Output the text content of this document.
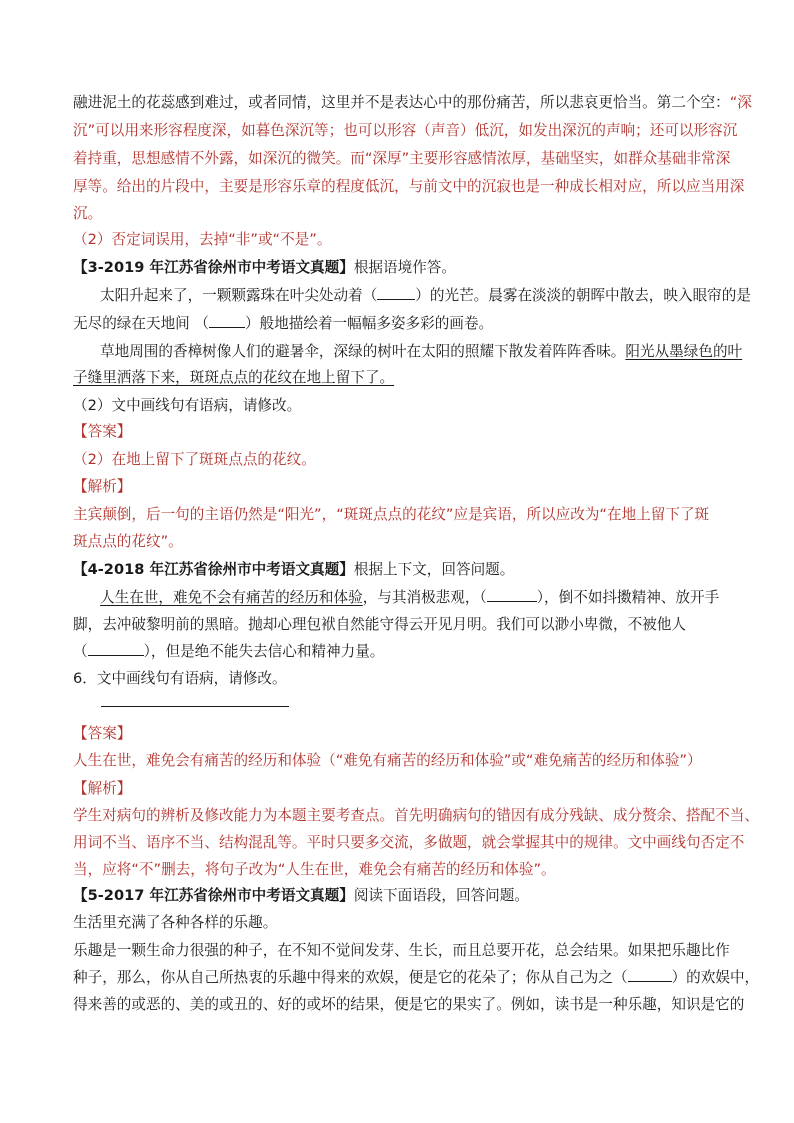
融进泥土的花蕊感到难过，或者同情，这里并不是表达心中的那份痛苦，所以悲哀更恰当。第二个空：“深
沉”可以用来形容程度深，如暮色深沉等；也可以形容（声音）低沉，如发出深沉的声响；还可以形容沉
着持重，思想感情不外露，如深沉的微笑。而“深厚”主要形容感情浓厚，基础坚实，如群众基础非常深
厚等。给出的片段中，主要是形容乐章的程度低沉，与前文中的沉寂也是一种成长相对应，所以应当用深
沉。
（2）否定词误用，去掉“非”或“不是”。
【3-2019 年江苏省徐州市中考语文真题】根据语境作答。
太阳升起来了，一颗颗露珠在叶尖处动着（	）的光芒。晨雾在淡淡的朝晖中散去，映入眼帘的是
无尽的绿在天地间 （ ）般地描绘着一幅幅多姿多彩的画卷。
草地周围的香樟树像人们的避暑伞，深绿的树叶在太阳的照耀下散发着阵阵香味。阳光从墨绿色的叶
子缝里洒落下来，斑斑点点的花纹在地上留下了。
（2）文中画线句有语病，请修改。
【答案】
（2）在地上留下了斑斑点点的花纹。
【解析】
主宾颠倒，后一句的主语仍然是“阳光”，“斑斑点点的花纹”应是宾语，所以应改为“在地上留下了斑
斑点点的花纹”。
【4-2018 年江苏省徐州市中考语文真题】根据上下文，回答问题。
人生在世，难免不会有痛苦的经历和体验，与其消极悲观，（	），倒不如抖擞精神、放开手
脚，去冲破黎明前的黑暗。抛却心理包袱自然能守得云开见月明。我们可以渺小卑微，不被他人
（	），但是绝不能失去信心和精神力量。
6．文中画线句有语病，请修改。
【答案】
人生在世，难免会有痛苦的经历和体验（“难免有痛苦的经历和体验”或“难免痛苦的经历和体验”）
【解析】
学生对病句的辨析及修改能力为本题主要考查点。首先明确病句的错因有成分残缺、成分赘余、搭配不当、
用词不当、语序不当、结构混乱等。平时只要多交流，多做题，就会掌握其中的规律。文中画线句否定不
当，应将“不”删去，将句子改为“人生在世，难免会有痛苦的经历和体验”。
【5-2017 年江苏省徐州市中考语文真题】阅读下面语段，回答问题。
生活里充满了各种各样的乐趣。
乐趣是一颗生命力很强的种子，在不知不觉间发芽、生长，而且总要开花，总会结果。如果把乐趣比作
种子，那么，你从自己所热衷的乐趣中得来的欢娱，便是它的花朵了；你从自己为之（	）的欢娱中，
得来善的或恶的、美的或丑的、好的或坏的结果，便是它的果实了。例如，读书是一种乐趣，知识是它的
